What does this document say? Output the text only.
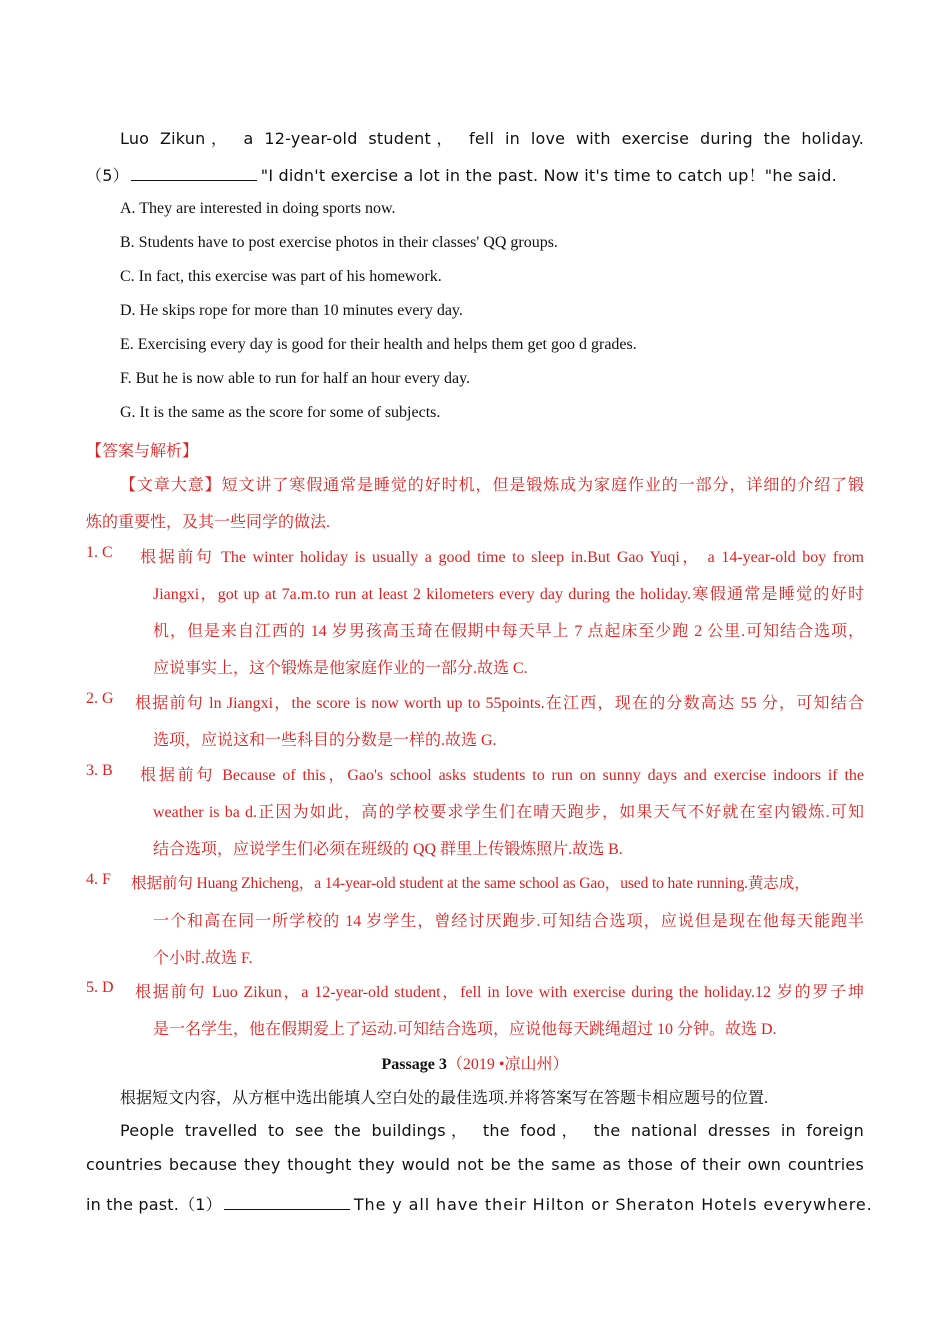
Luo Zikun， a 12-year-old student， fell in love with exercise during the holiday.
（5）	"I didn't exercise a lot in the past. Now it's time to catch up！"he said.
A. They are interested in doing sports now.
B. Students have to post exercise photos in their classes' QQ groups.
C. In fact, this exercise was part of his homework.
D. He skips rope for more than 10 minutes every day.
E. Exercising every day is good for their health and helps them get goo d grades.
F. But he is now able to run for half an hour every day.
G. It is the same as the score for some of subjects.
【答案与解析】
【文章大意】短文讲了寒假通常是睡觉的好时机，但是锻炼成为家庭作业的一部分，详细的介绍了锻
炼的重要性，及其一些同学的做法.
1. C	根据前句 The winter holiday is usually a good time to sleep in.But Gao Yuqi， a 14-year-old boy from
Jiangxi，got up at 7a.m.to run at least 2 kilometers every day during the holiday.寒假通常是睡觉的好时
机，但是来自江西的 14 岁男孩高玉琦在假期中每天早上 7 点起床至少跑 2 公里.可知结合选项，
应说事实上，这个锻炼是他家庭作业的一部分.故选 C.
2. G	根据前句 ln Jiangxi，the score is now worth up to 55points.在江西，现在的分数高达 55 分，可知结合
选项，应说这和一些科目的分数是一样的.故选 G.
3. B	根据前句 Because of this，Gao's school asks students to run on sunny days and exercise indoors if the
weather is ba d.正因为如此，高的学校要求学生们在晴天跑步，如果天气不好就在室内锻炼.可知
结合选项，应说学生们必须在班级的 QQ 群里上传锻炼照片.故选 B.
4. F	根据前句 Huang Zhicheng，a 14-year-old student at the same school as Gao，used to hate running.黄志成，
一个和高在同一所学校的 14 岁学生，曾经讨厌跑步.可知结合选项，应说但是现在他每天能跑半
个小时.故选 F.
5. D	根据前句 Luo Zikun，a 12-year-old student，fell in love with exercise during the holiday.12 岁的罗子坤
是一名学生，他在假期爱上了运动.可知结合选项，应说他每天跳绳超过 10 分钟。故选 D.
Passage 3（2019 •凉山州）
根据短文内容，从方框中选出能填人空白处的最佳选项.并将答案写在答题卡相应题号的位置.
People travelled to see the buildings， the food， the national dresses in foreign
countries because they thought they would not be the same as those of their own countries
in the past.（1）	The y all have their Hilton or Sheraton Hotels everywhere.
